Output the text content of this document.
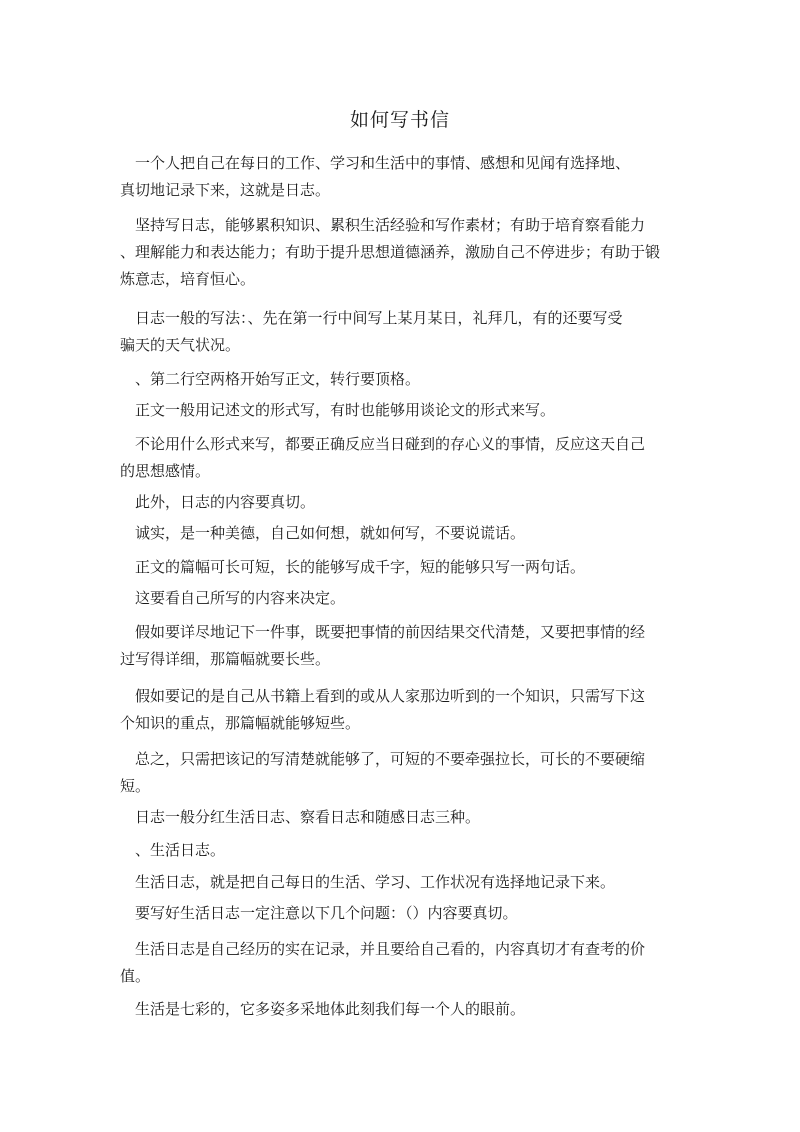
如何写书信
　一个人把自己在每日的工作、学习和生活中的事情、感想和见闻有选择地、
真切地记录下来，这就是日志。
　坚持写日志，能够累积知识、累积生活经验和写作素材；有助于培育察看能力
、理解能力和表达能力；有助于提升思想道德涵养，激励自己不停进步；有助于锻
炼意志，培育恒心。
　日志一般的写法：、先在第一行中间写上某月某日，礼拜几，有的还要写受
骗天的天气状况。
　、第二行空两格开始写正文，转行要顶格。
　正文一般用记述文的形式写，有时也能够用谈论文的形式来写。
　不论用什么形式来写，都要正确反应当日碰到的存心义的事情，反应这天自己
的思想感情。
　此外，日志的内容要真切。
　诚实，是一种美德，自己如何想，就如何写，不要说谎话。
　正文的篇幅可长可短，长的能够写成千字，短的能够只写一两句话。
　这要看自己所写的内容来决定。
　假如要详尽地记下一件事，既要把事情的前因结果交代清楚，又要把事情的经
过写得详细，那篇幅就要长些。
　假如要记的是自己从书籍上看到的或从人家那边听到的一个知识，只需写下这
个知识的重点，那篇幅就能够短些。
　总之，只需把该记的写清楚就能够了，可短的不要牵强拉长，可长的不要硬缩
短。
　日志一般分红生活日志、察看日志和随感日志三种。
　、生活日志。
　生活日志，就是把自己每日的生活、学习、工作状况有选择地记录下来。
　要写好生活日志一定注意以下几个问题：（）内容要真切。
　生活日志是自己经历的实在记录，并且要给自己看的，内容真切才有查考的价
值。
　生活是七彩的，它多姿多采地体此刻我们每一个人的眼前。
